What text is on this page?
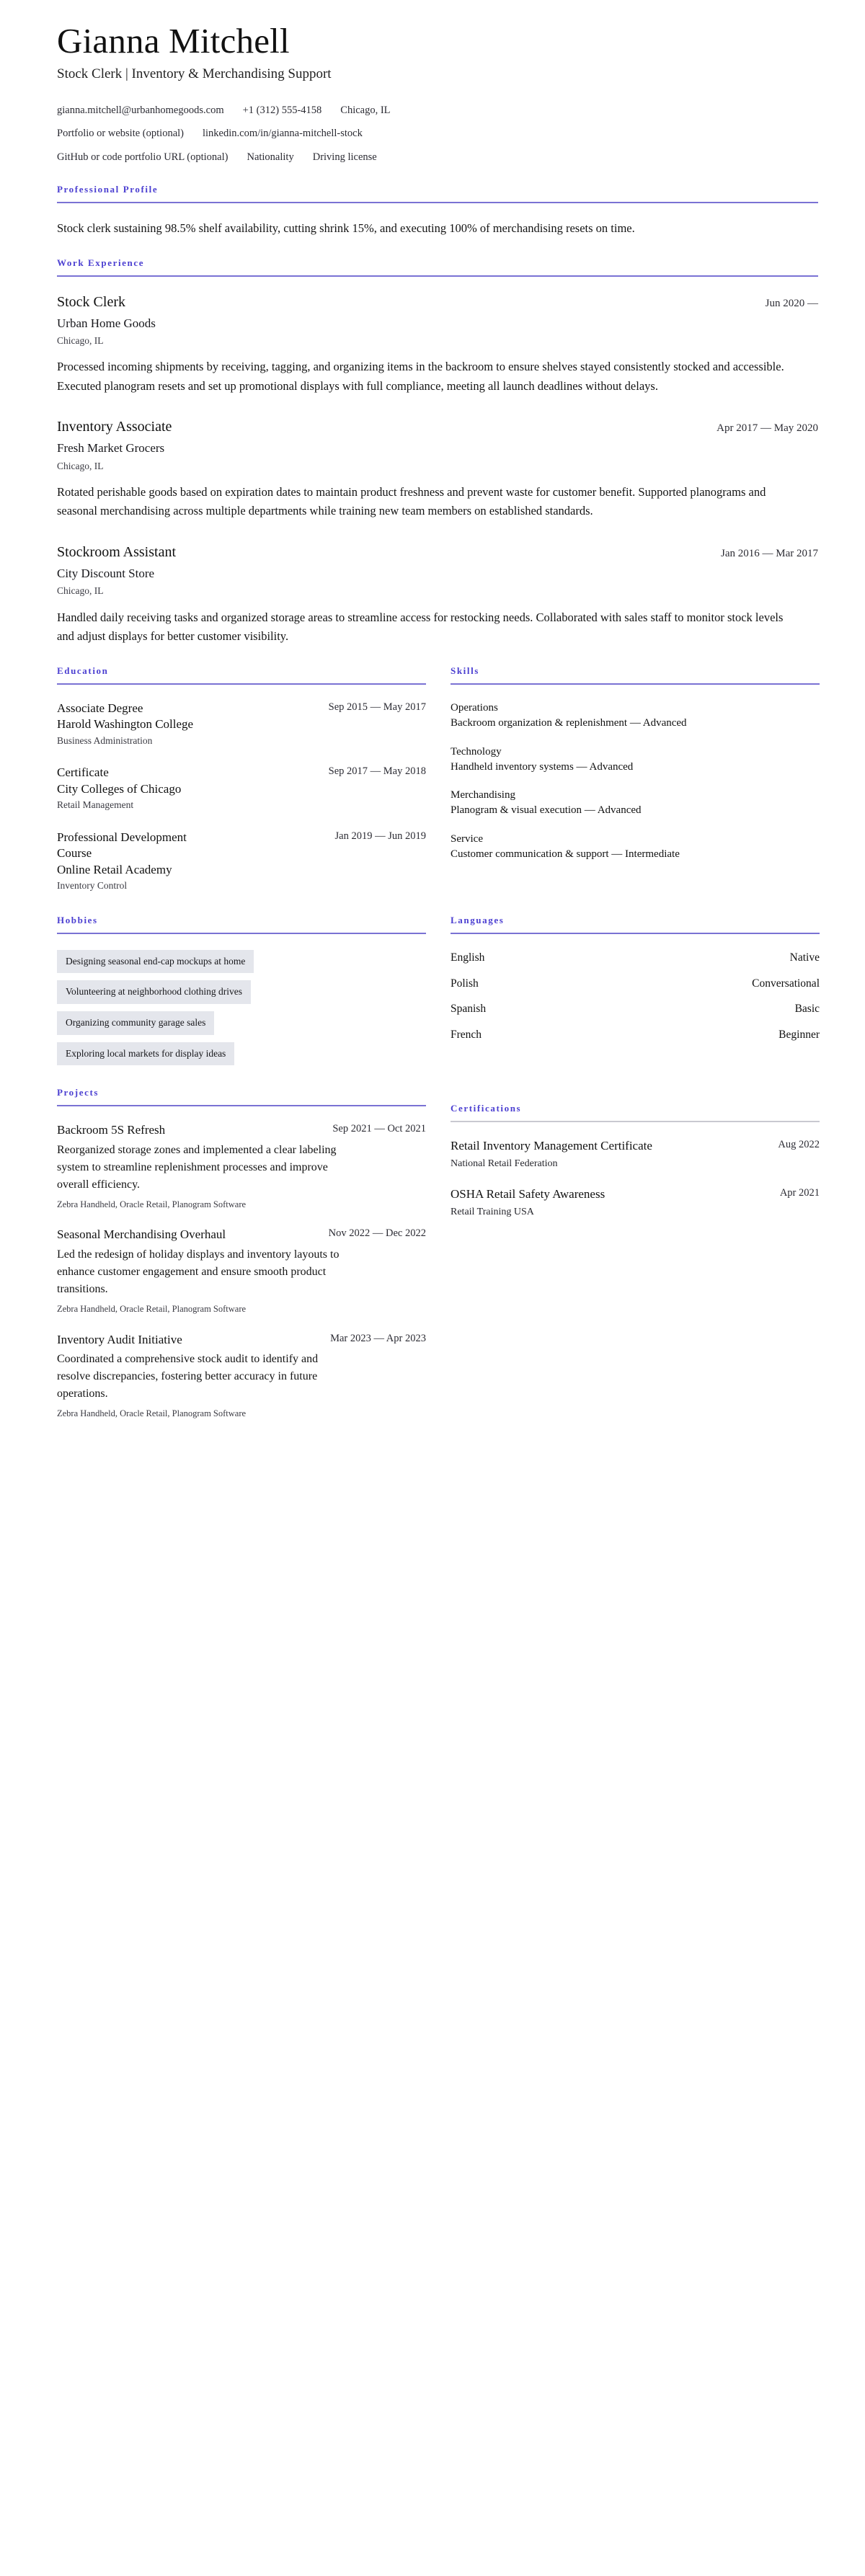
Gianna Mitchell
Stock Clerk | Inventory & Merchandising Support
gianna.mitchell@urbanhomegoods.com +1 (312) 555-4158 Chicago, IL
Portfolio or website (optional) linkedin.com/in/gianna-mitchell-stock
GitHub or code portfolio URL (optional) Nationality Driving license
Professional Profile

Stock clerk sustaining 98.5% shelf availability, cutting shrink 15%, and executing 100% of merchandising resets on time.

Work Experience
Stock Clerk	Jun 2020 —
Urban Home Goods
Chicago, IL

Processed incoming shipments by receiving, tagging, and organizing items in the backroom to ensure shelves stayed consistently stocked and accessible. Executed planogram resets and set up promotional displays with full compliance, meeting all launch deadlines without delays.

Inventory Associate	Apr 2017 — May 2020
Fresh Market Grocers
Chicago, IL

Rotated perishable goods based on expiration dates to maintain product freshness and prevent waste for customer benefit. Supported planograms and seasonal merchandising across multiple departments while training new team members on established standards.

Stockroom Assistant	Jan 2016 — Mar 2017
City Discount Store
Chicago, IL

Handled daily receiving tasks and organized storage areas to streamline access for restocking needs. Collaborated with sales staff to monitor stock levels and adjust displays for better customer visibility.

Education
Associate Degree
Harold Washington College
Business Administration
Sep 2015 — May 2017
Certificate
City Colleges of Chicago
Retail Management
Sep 2017 — May 2018
Professional Development Course
Online Retail Academy
Inventory Control
Jan 2019 — Jun 2019
Skills
Operations
Backroom organization & replenishment — Advanced
Technology
Handheld inventory systems — Advanced
Merchandising
Planogram & visual execution — Advanced
Service
Customer communication & support — Intermediate
Hobbies
Designing seasonal end-cap mockups at home
Volunteering at neighborhood clothing drives
Organizing community garage sales
Exploring local markets for display ideas
Languages
English	Native
Polish	Conversational
Spanish	Basic
French	Beginner
Projects
Backroom 5S Refresh	Sep 2021 — Oct 2021

Reorganized storage zones and implemented a clear labeling system to streamline replenishment processes and improve overall efficiency.

Zebra Handheld, Oracle Retail, Planogram Software
Seasonal Merchandising Overhaul	Nov 2022 — Dec 2022

Led the redesign of holiday displays and inventory layouts to enhance customer engagement and ensure smooth product transitions.

Zebra Handheld, Oracle Retail, Planogram Software
Inventory Audit Initiative	Mar 2023 — Apr 2023

Coordinated a comprehensive stock audit to identify and resolve discrepancies, fostering better accuracy in future operations.

Zebra Handheld, Oracle Retail, Planogram Software
Certifications
Retail Inventory Management Certificate	Aug 2022
National Retail Federation
OSHA Retail Safety Awareness	Apr 2021
Retail Training USA
